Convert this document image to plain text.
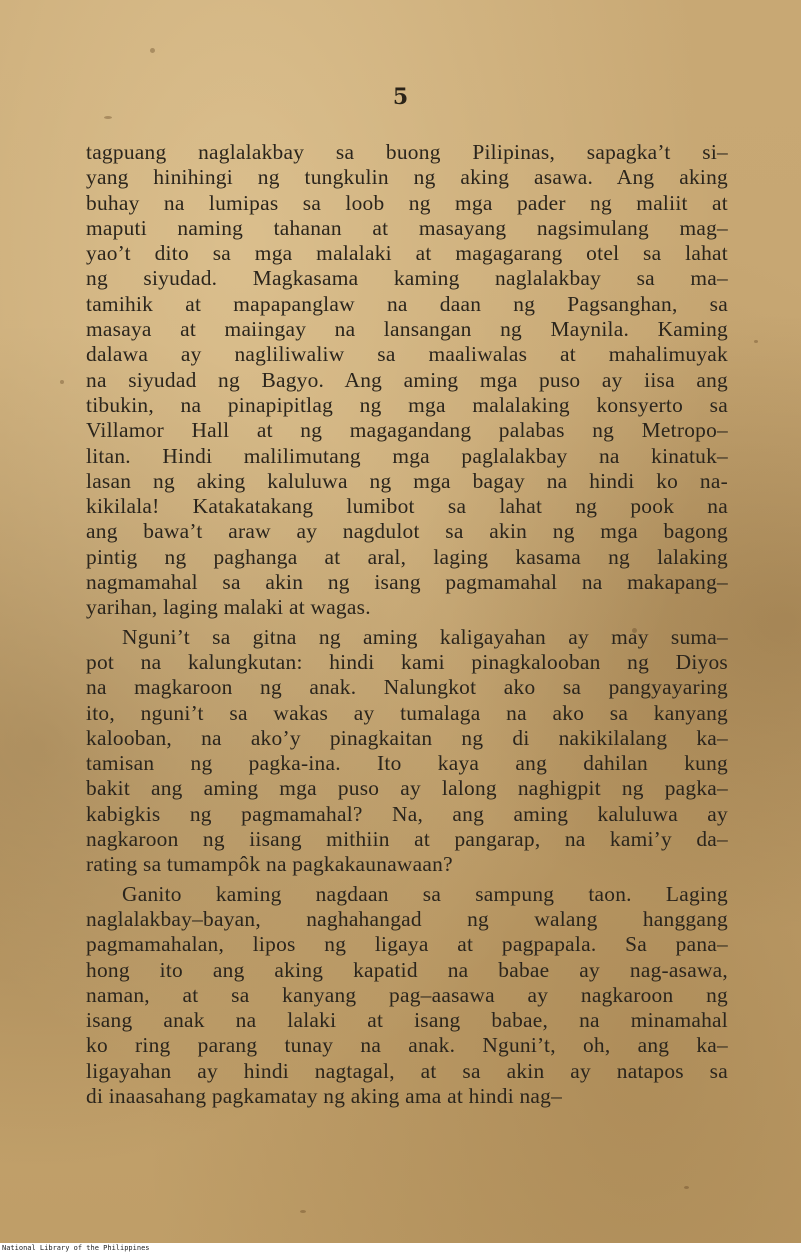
5
tagpuang naglalakbay sa buong Pilipinas, sapagka’t si–
yang hinihingi ng tungkulin ng aking asawa. Ang aking
buhay na lumipas sa loob ng mga pader ng maliit at
maputi naming tahanan at masayang nagsimulang mag–
yao’t dito sa mga malalaki at magagarang otel sa lahat
ng siyudad. Magkasama kaming naglalakbay sa ma–
tamihik at mapapanglaw na daan ng Pagsanghan, sa
masaya at maiingay na lansangan ng Maynila. Kaming
dalawa ay nagliliwaliw sa maaliwalas at mahalimuyak
na siyudad ng Bagyo. Ang aming mga puso ay iisa ang
tibukin, na pinapipitlag ng mga malalaking konsyerto sa
Villamor Hall at ng magagandang palabas ng Metropo–
litan. Hindi malilimutang mga paglalakbay na kinatuk–
lasan ng aking kaluluwa ng mga bagay na hindi ko na-
kikilala! Katakatakang lumibot sa lahat ng pook na
ang bawa’t araw ay nagdulot sa akin ng mga bagong
pintig ng paghanga at aral, laging kasama ng lalaking
nagmamahal sa akin ng isang pagmamahal na makapang–
yarihan, laging malaki at wagas.
Nguni’t sa gitna ng aming kaligayahan ay may suma–
pot na kalungkutan: hindi kami pinagkalooban ng Diyos
na magkaroon ng anak. Nalungkot ako sa pangyayaring
ito, nguni’t sa wakas ay tumalaga na ako sa kanyang
kalooban, na ako’y pinagkaitan ng di nakikilalang ka–
tamisan ng pagka-ina. Ito kaya ang dahilan kung
bakit ang aming mga puso ay lalong naghigpit ng pagka–
kabigkis ng pagmamahal? Na, ang aming kaluluwa ay
nagkaroon ng iisang mithiin at pangarap, na kami’y da–
rating sa tumampôk na pagkakaunawaan?
Ganito kaming nagdaan sa sampung taon. Laging
naglalakbay–bayan, naghahangad ng walang hanggang
pagmamahalan, lipos ng ligaya at pagpapala. Sa pana–
hong ito ang aking kapatid na babae ay nag-asawa,
naman, at sa kanyang pag–aasawa ay nagkaroon ng
isang anak na lalaki at isang babae, na minamahal
ko ring parang tunay na anak. Nguni’t, oh, ang ka–
ligayahan ay hindi nagtagal, at sa akin ay natapos sa
di inaasahang pagkamatay ng aking ama at hindi nag–
National Library of the Philippines
